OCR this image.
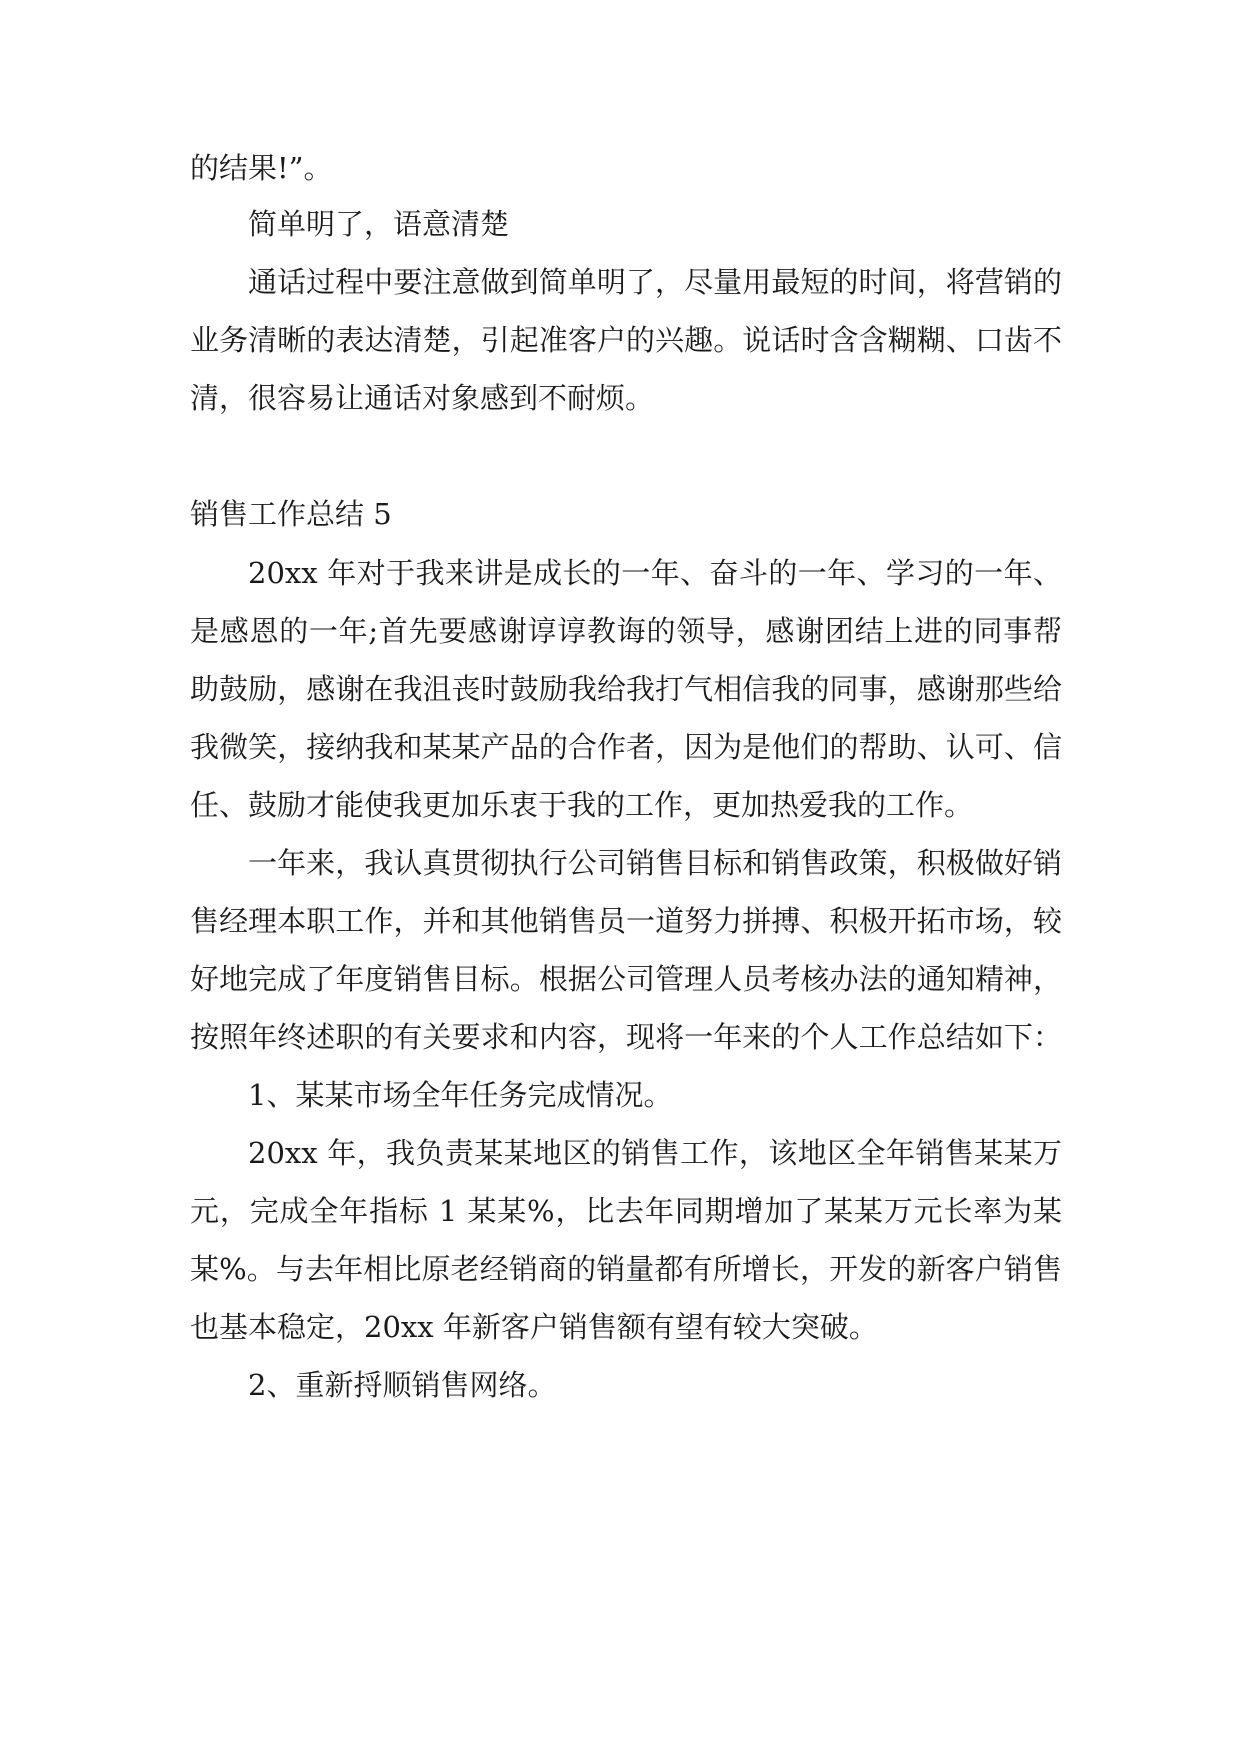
的结果!”。
简单明了，语意清楚
通话过程中要注意做到简单明了，尽量用最短的时间，将营销的
业务清晰的表达清楚，引起准客户的兴趣。说话时含含糊糊、口齿不
清，很容易让通话对象感到不耐烦。
销售工作总结 5
20xx 年对于我来讲是成长的一年、奋斗的一年、学习的一年、
是感恩的一年;首先要感谢谆谆教诲的领导，感谢团结上进的同事帮
助鼓励，感谢在我沮丧时鼓励我给我打气相信我的同事，感谢那些给
我微笑，接纳我和某某产品的合作者，因为是他们的帮助、认可、信
任、鼓励才能使我更加乐衷于我的工作，更加热爱我的工作。
一年来，我认真贯彻执行公司销售目标和销售政策，积极做好销
售经理本职工作，并和其他销售员一道努力拼搏、积极开拓市场，较
好地完成了年度销售目标。根据公司管理人员考核办法的通知精神，
按照年终述职的有关要求和内容，现将一年来的个人工作总结如下：
1、某某市场全年任务完成情况。
20xx 年，我负责某某地区的销售工作，该地区全年销售某某万
元，完成全年指标 1 某某%，比去年同期增加了某某万元长率为某
某%。与去年相比原老经销商的销量都有所增长，开发的新客户销售
也基本稳定，20xx 年新客户销售额有望有较大突破。
2、重新捋顺销售网络。
